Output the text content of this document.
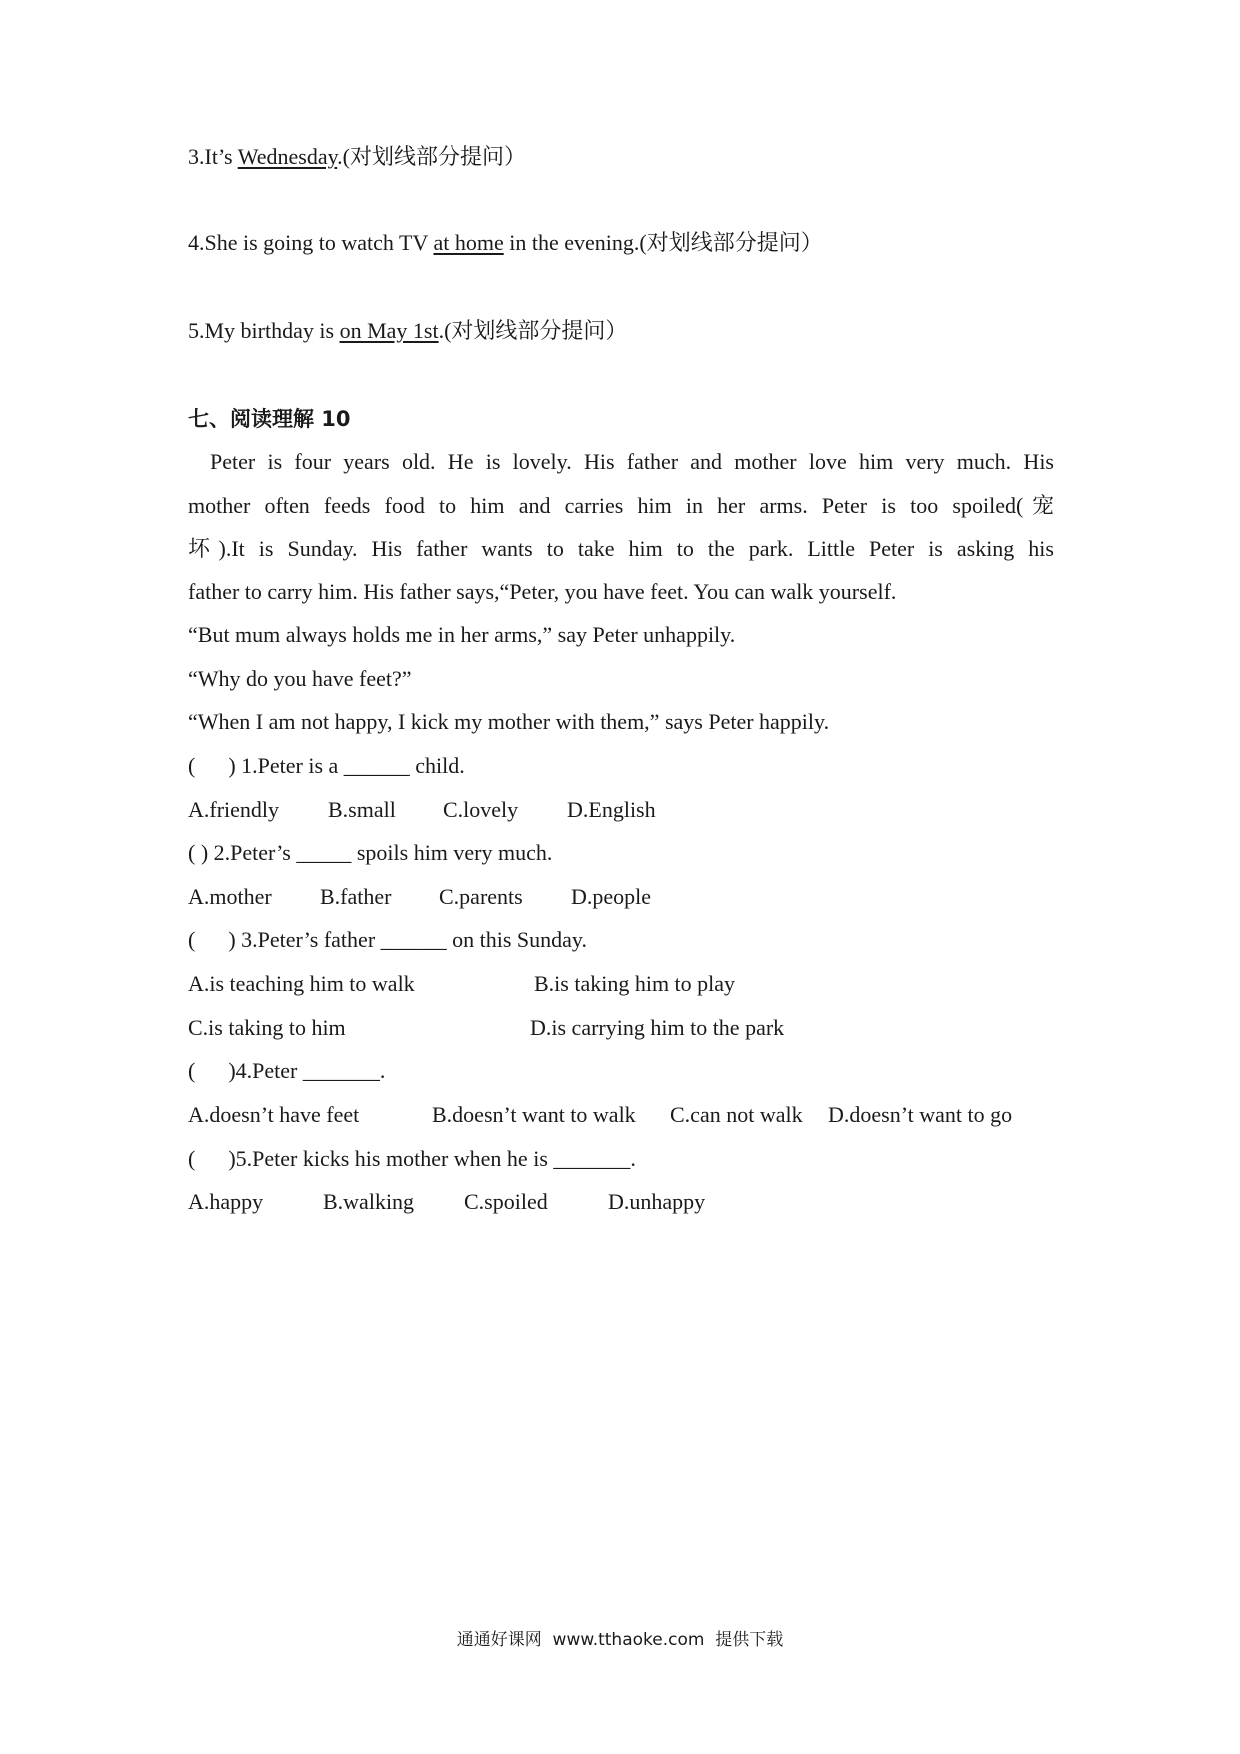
3.It’s Wednesday.(对划线部分提问）
4.She is going to watch TV at home in the evening.(对划线部分提问）
5.My birthday is on May 1st.(对划线部分提问）
七、阅读理解 10
Peter is four years old. He is lovely. His father and mother love him very much. His
mother often feeds food to him and carries him in her arms. Peter is too spoiled(宠
坏).It is Sunday. His father wants to take him to the park. Little Peter is asking his
father to carry him. His father says,“Peter, you have feet. You can walk yourself.
“But mum always holds me in her arms,” say Peter unhappily.
“Why do you have feet?”
“When I am not happy, I kick my mother with them,” says Peter happily.
(      ) 1.Peter is a ______ child.
A.friendly B.small C.lovely D.English
( ) 2.Peter’s _____ spoils him very much.
A.mother B.father C.parents D.people
(      ) 3.Peter’s father ______ on this Sunday.
A.is teaching him to walk	B.is taking him to play
C.is taking to him	D.is carrying him to the park
(      )4.Peter _______.
A.doesn’t have feet	B.doesn’t want to walk C.can not walk D.doesn’t want to go
(      )5.Peter kicks his mother when he is _______.
A.happy	B.walking C.spoiled	D.unhappy
通通好课网  www.tthaoke.com  提供下载
